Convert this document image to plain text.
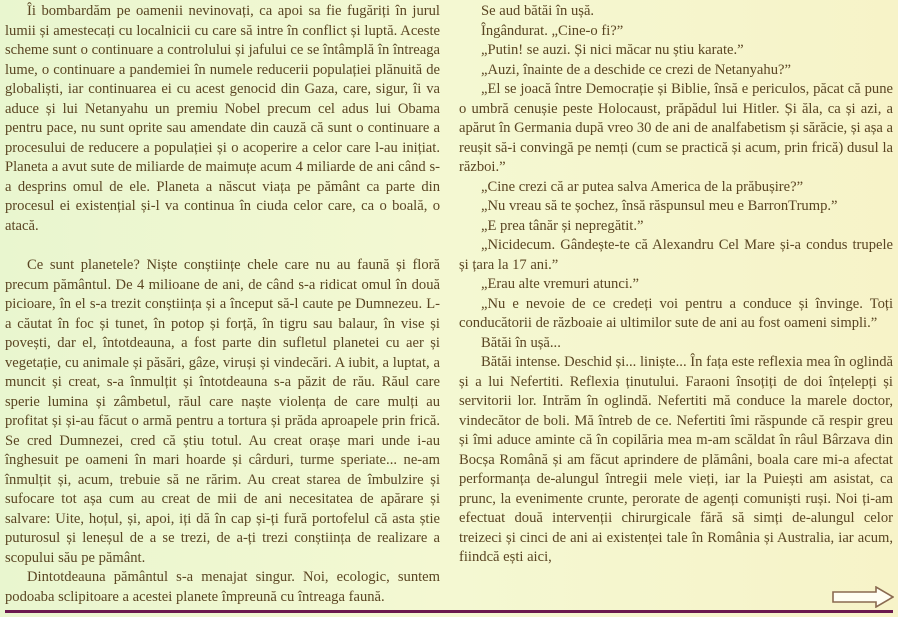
Îi bombardăm pe oamenii nevinovați, ca apoi sa fie fugăriți în jurul lumii și amestecați cu localnicii cu care să intre în conflict și luptă. Aceste scheme sunt o continuare a controlului și jafului ce se întâmplă în întreaga lume, o continuare a pandemiei în numele reducerii populației plănuită de globaliști, iar continuarea ei cu acest genocid din Gaza, care, sigur, îi va aduce și lui Netanyahu un premiu Nobel precum cel adus lui Obama pentru pace, nu sunt oprite sau amendate din cauză că sunt o continuare a procesului de reducere a populației și o acoperire a celor care l-au inițiat. Planeta a avut sute de miliarde de maimuțe acum 4 miliarde de ani când s-a desprins omul de ele. Planeta a născut viața pe pământ ca parte din procesul ei existențial și-l va continua în ciuda celor care, ca o boală, o atacă.

Ce sunt planetele? Niște conștiințe chele care nu au faună și floră precum pământul. De 4 milioane de ani, de când s-a ridicat omul în două picioare, în el s-a trezit conștiința și a început să-l caute pe Dumnezeu. L-a căutat în foc și tunet, în potop și forță, în tigru sau balaur, în vise și povești, dar el, întotdeauna, a fost parte din sufletul planetei cu aer și vegetație, cu animale și păsări, gâze, viruși și vindecări. A iubit, a luptat, a muncit și creat, s-a înmulțit și întotdeauna s-a păzit de rău. Răul care sperie lumina și zâmbetul, răul care naște violența de care mulți au profitat și și-au făcut o armă pentru a tortura și prăda aproapele prin frică. Se cred Dumnezei, cred că știu totul. Au creat orașe mari unde i-au înghesuit pe oameni în mari hoarde și cârduri, turme speriate... ne-am înmulțit și, acum, trebuie să ne rărim. Au creat starea de îmbulzire și sufocare tot așa cum au creat de mii de ani necesitatea de apărare și salvare: Uite, hoțul, și, apoi, iți dă în cap și-ți fură portofelul că asta știe puturosul și leneșul de a se trezi, de a-ți trezi conștiința de realizare a scopului său pe pământ.

Dintotdeauna pământul s-a menajat singur. Noi, ecologic, suntem podoaba sclipitoare a acestei planete împreună cu întreaga faună.

Se aud bătăi în ușă.

Îngândurat. „Cine-o fi?”

„Putin! se auzi. Și nici măcar nu știu karate.”

„Auzi, înainte de a deschide ce crezi de Netanyahu?”

„El se joacă între Democrație și Biblie, însă e periculos, păcat că pune o umbră cenușie peste Holocaust, prăpădul lui Hitler. Și ăla, ca și azi, a apărut în Germania după vreo 30 de ani de analfabetism și sărăcie, și așa a reușit să-i convingă pe nemți (cum se practică și acum, prin frică) dusul la război.”

„Cine crezi că ar putea salva America de la prăbușire?”

„Nu vreau să te șochez, însă răspunsul meu e BarronTrump.”

„E prea tânăr și nepregătit.”

„Nicidecum. Gândește-te că Alexandru Cel Mare și-a condus trupele și țara la 17 ani.”

„Erau alte vremuri atunci.”

„Nu e nevoie de ce credeți voi pentru a conduce și învinge. Toți conducătorii de războaie ai ultimilor sute de ani au fost oameni simpli.”

Bătăi în ușă...

Bătăi intense. Deschid și... liniște... În fața este reflexia mea în oglindă și a lui Nefertiti. Reflexia ținutului. Faraoni însoțiți de doi înțelepți și servitorii lor. Intrăm în oglindă. Nefertiti mă conduce la marele doctor, vindecător de boli. Mă întreb de ce. Nefertiti îmi răspunde că respir greu și îmi aduce aminte că în copilăria mea m-am scăldat în râul Bârzava din Bocșa Română și am făcut aprindere de plămâni, boala care mi-a afectat performanța de-alungul întregii mele vieți, iar la Puiești am asistat, ca prunc, la evenimente crunte, perorate de agenți comuniști ruși. Noi ți-am efectuat două intervenții chirurgicale fără să simți de-alungul celor treizeci și cinci de ani ai existenței tale în România și Australia, iar acum, fiindcă ești aici,
